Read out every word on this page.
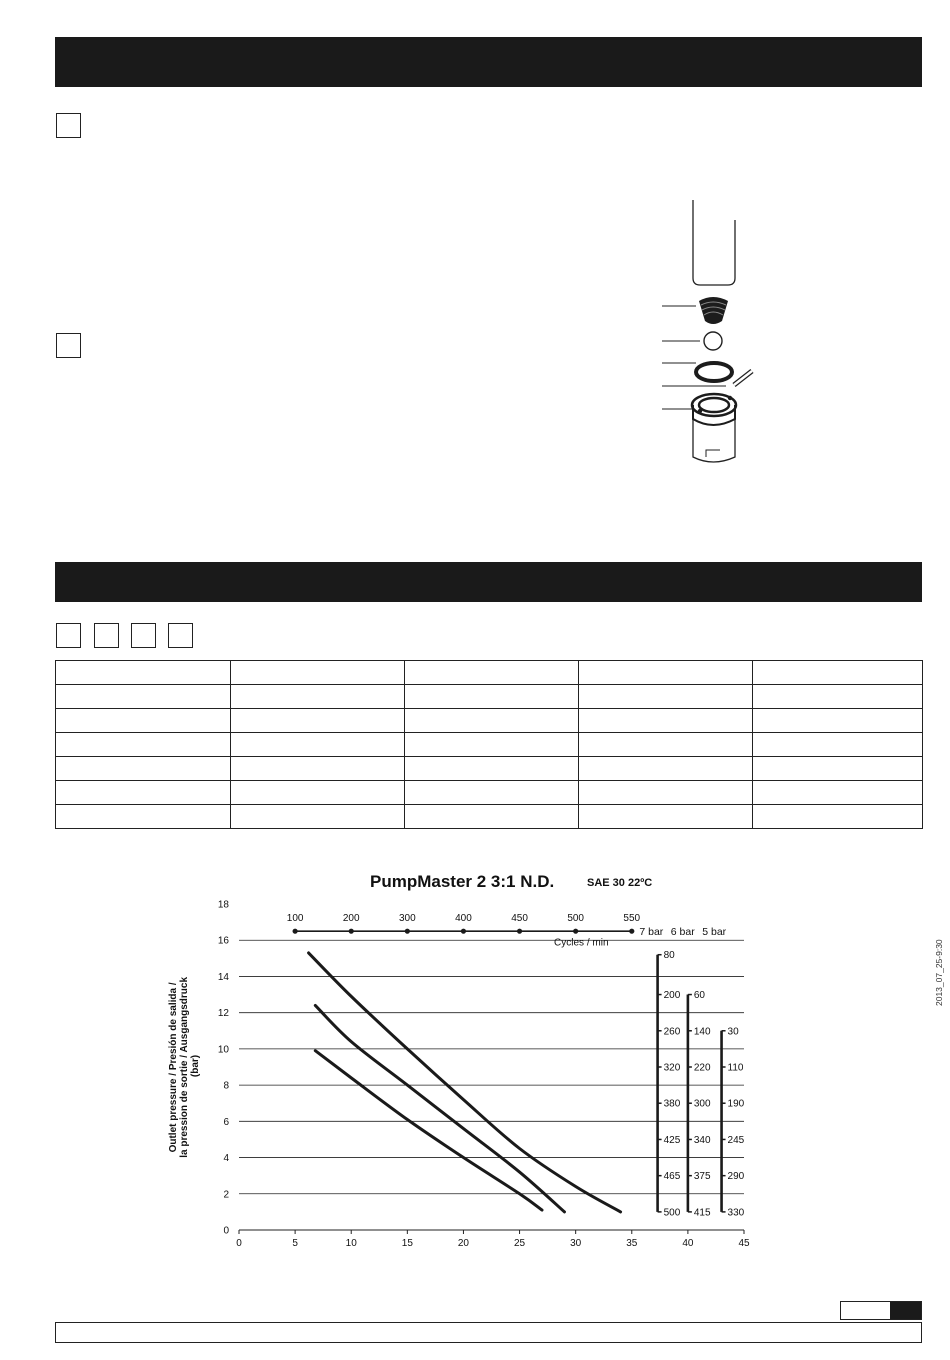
PumpMaster 2 3:1 N.D.	SAE 30 22ºC
Outlet pressure / Presión de salida / la pression de sortie / Ausgangsdruck (bar)
0
2
4
6
8
10
12
14
16
18
0	5	10	15	20	25	30	35	40	45
100	200	300	400	450	500	550
Cycles / min
7 bar
80
200
260
320
380
425
465
500
6 bar
60
140
220
300
340
375
415
5 bar
30
110
190
245
290
330
2013_07_25-9:30
